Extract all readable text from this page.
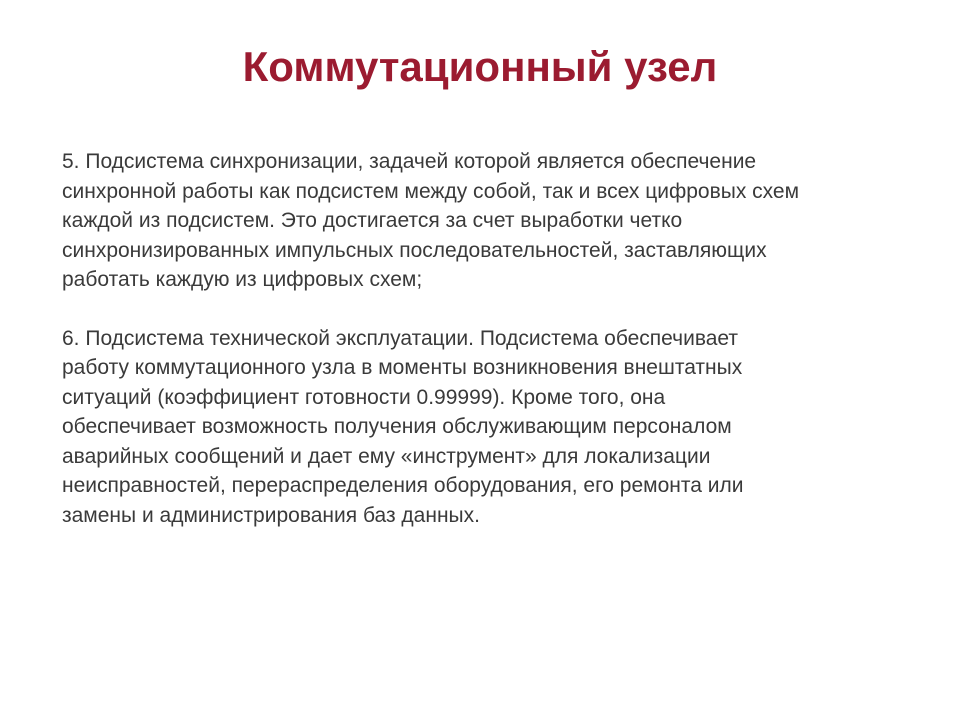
Коммутационный узел

5. Подсистема синхронизации, задачей которой является обеспечение
синхронной работы как подсистем между собой, так и всех цифровых схем
каждой из подсистем. Это достигается за счет выработки четко
синхронизированных импульсных последовательностей, заставляющих
работать каждую из цифровых схем;

6. Подсистема технической эксплуатации. Подсистема обеспечивает
работу коммутационного узла в моменты возникновения внештатных
ситуаций (коэффициент готовности 0.99999). Кроме того, она
обеспечивает возможность получения обслуживающим персоналом
аварийных сообщений и дает ему «инструмент» для локализации
неисправностей, перераспределения оборудования, его ремонта или
замены и администрирования баз данных.
